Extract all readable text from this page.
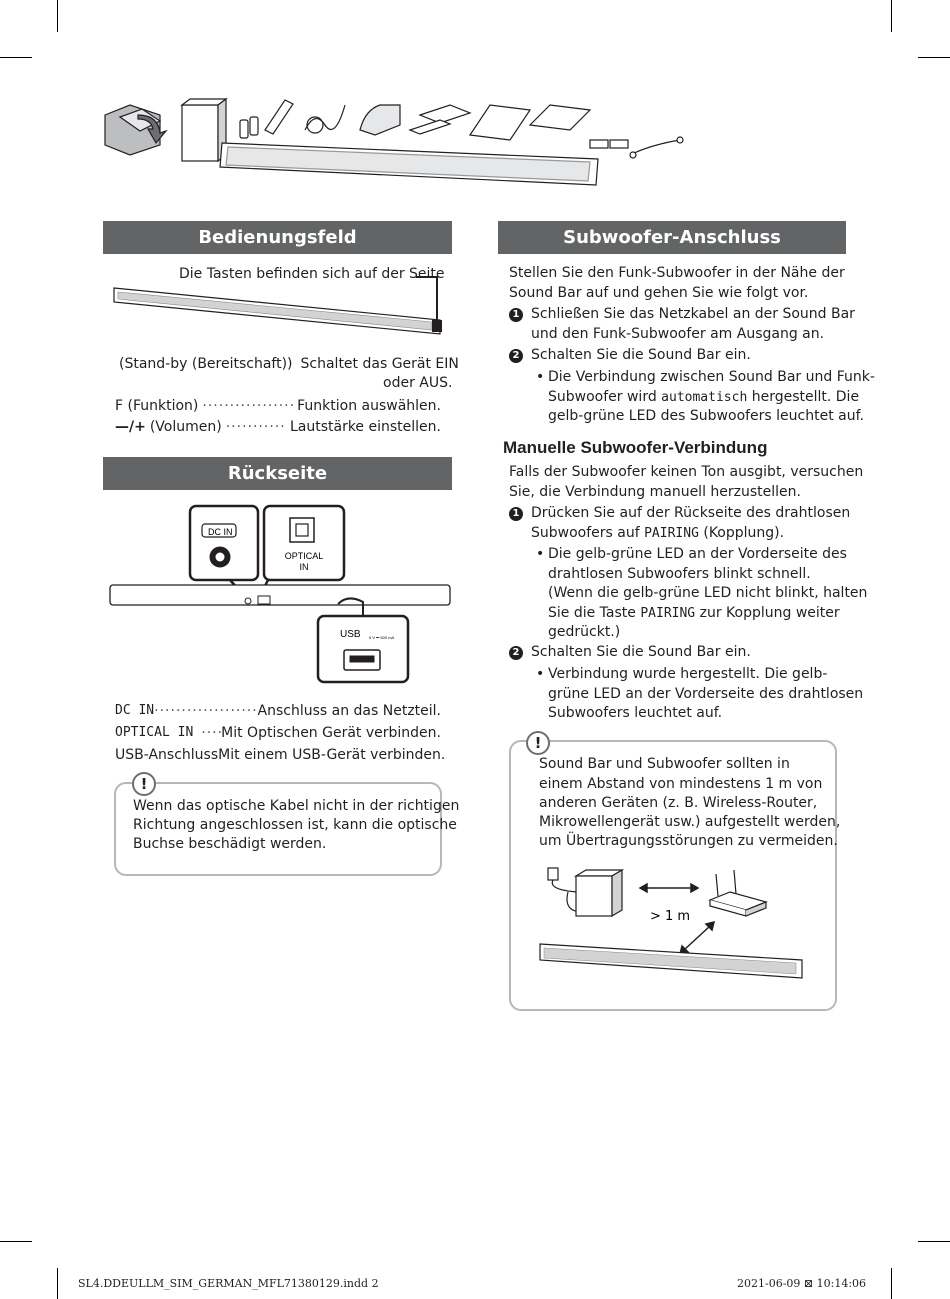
Bedienungsfeld
Die Tasten befinden sich auf der Seite
(Stand-by (Bereitschaft)) Schaltet das Gerät EIN
oder AUS.
F (Funktion) ·····	Funktion auswählen.
—/+ (Volumen) ·····	Lautstärke einstellen.
Rückseite
DC IN
OPTICAL
IN
USB 5 V ⎓ 500 mA
DC IN ·····	Anschluss an das Netzteil.
OPTICAL IN ····· Mit Optischen Gerät verbinden.
USB-Anschluss Mit einem USB-Gerät verbinden.
!
Wenn das optische Kabel nicht in der richtigen
Richtung angeschlossen ist, kann die optische
Buchse beschädigt werden.
Subwoofer-Anschluss
Stellen Sie den Funk-Subwoofer in der Nähe der
Sound Bar auf und gehen Sie wie folgt vor.
1 Schließen Sie das Netzkabel an der Sound Bar
und den Funk-Subwoofer am Ausgang an.
2 Schalten Sie die Sound Bar ein.
• Die Verbindung zwischen Sound Bar und Funk-
Subwoofer wird automatisch hergestellt. Die
gelb-grüne LED des Subwoofers leuchtet auf.
Manuelle Subwoofer-Verbindung
Falls der Subwoofer keinen Ton ausgibt, versuchen
Sie, die Verbindung manuell herzustellen.
1 Drücken Sie auf der Rückseite des drahtlosen
Subwoofers auf PAIRING (Kopplung).
• Die gelb-grüne LED an der Vorderseite des
drahtlosen Subwoofers blinkt schnell.
(Wenn die gelb-grüne LED nicht blinkt, halten
Sie die Taste PAIRING zur Kopplung weiter
gedrückt.)
2 Schalten Sie die Sound Bar ein.
• Verbindung wurde hergestellt. Die gelb-
grüne LED an der Vorderseite des drahtlosen
Subwoofers leuchtet auf.
!
Sound Bar und Subwoofer sollten in
einem Abstand von mindestens 1 m von
anderen Geräten (z. B. Wireless-Router,
Mikrowellengerät usw.) aufgestellt werden,
um Übertragungsstörungen zu vermeiden.
> 1 m
SL4.DDEULLM_SIM_GERMAN_MFL71380129.indd 2	2021-06-09 ⊠ 10:14:06
